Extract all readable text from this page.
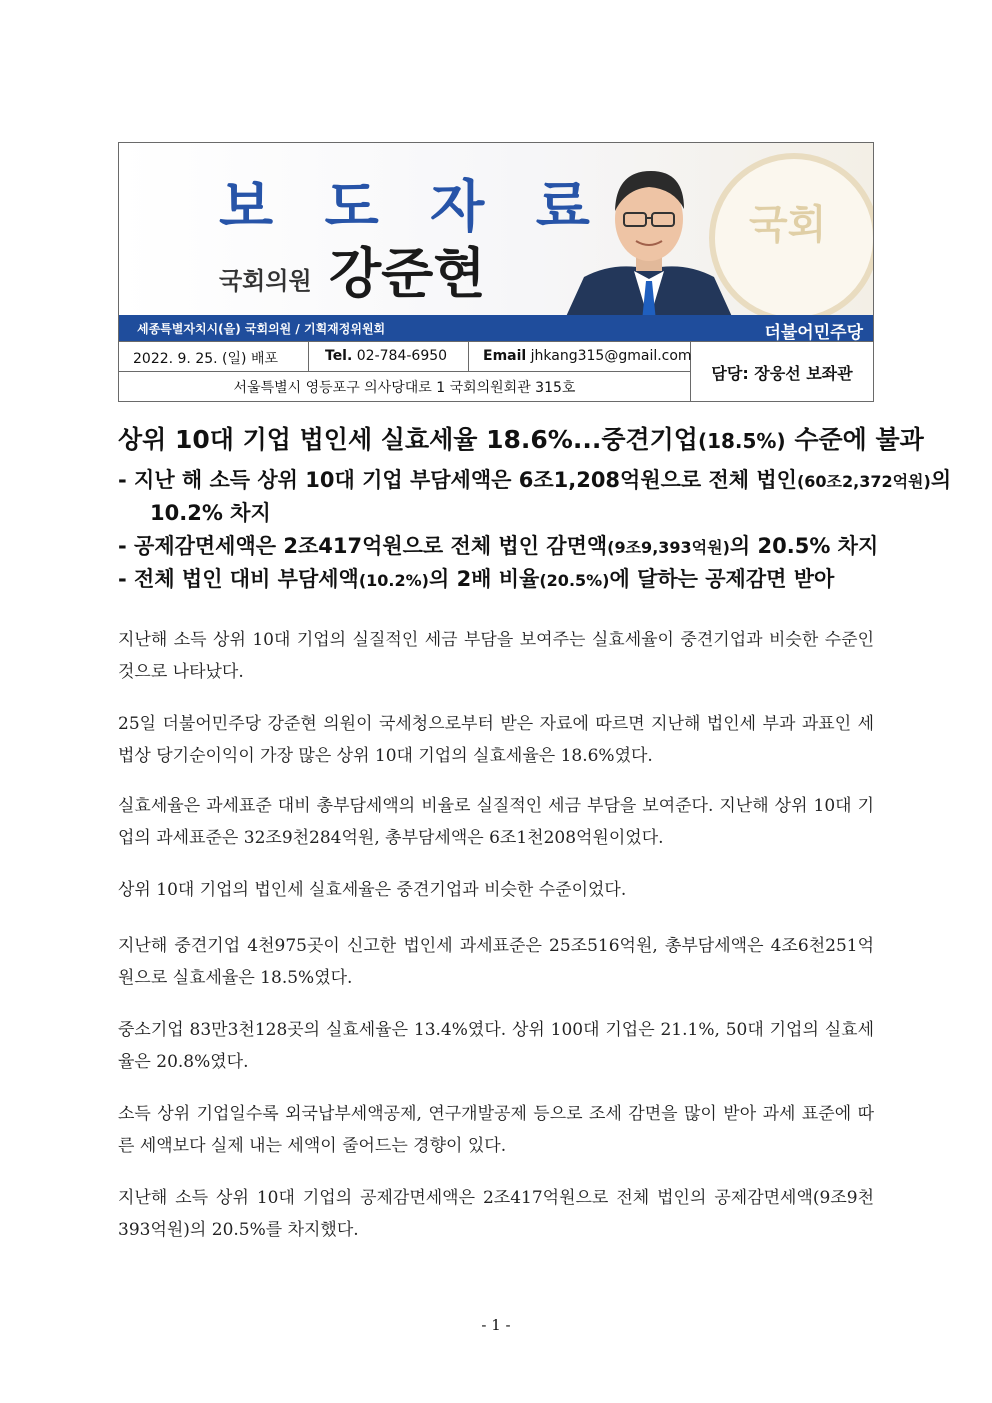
국회
보 도 자 료
국회의원 강준현
세종특별자치시(을) 국회의원 / 기획재정위원회	더불어민주당
2022. 9. 25. (일) 배포	Tel. 02-784-6950	Email jhkang315@gmail.com
서울특별시 영등포구 의사당대로 1 국회의원회관 315호
담당: 장웅선 보좌관
상위 10대 기업 법인세 실효세율 18.6%...중견기업(18.5%) 수준에 불과
- 지난 해 소득 상위 10대 기업 부담세액은 6조1,208억원으로 전체 법인(60조2,372억원)의
10.2% 차지
- 공제감면세액은 2조417억원으로 전체 법인 감면액(9조9,393억원)의 20.5% 차지
- 전체 법인 대비 부담세액(10.2%)의 2배 비율(20.5%)에 달하는 공제감면 받아
지난해 소득 상위 10대 기업의 실질적인 세금 부담을 보여주는 실효세율이 중견기업과 비슷한 수준인 것으로 나타났다.
25일 더불어민주당 강준현 의원이 국세청으로부터 받은 자료에 따르면 지난해 법인세 부과 과표인 세법상 당기순이익이 가장 많은 상위 10대 기업의 실효세율은 18.6%였다.
실효세율은 과세표준 대비 총부담세액의 비율로 실질적인 세금 부담을 보여준다. 지난해 상위 10대 기업의 과세표준은 32조9천284억원, 총부담세액은 6조1천208억원이었다.
상위 10대 기업의 법인세 실효세율은 중견기업과 비슷한 수준이었다.
지난해 중견기업 4천975곳이 신고한 법인세 과세표준은 25조516억원, 총부담세액은 4조6천251억원으로 실효세율은 18.5%였다.
중소기업 83만3천128곳의 실효세율은 13.4%였다. 상위 100대 기업은 21.1%, 50대 기업의 실효세율은 20.8%였다.
소득 상위 기업일수록 외국납부세액공제, 연구개발공제 등으로 조세 감면을 많이 받아 과세 표준에 따른 세액보다 실제 내는 세액이 줄어드는 경향이 있다.
지난해 소득 상위 10대 기업의 공제감면세액은 2조417억원으로 전체 법인의 공제감면세액(9조9천393억원)의 20.5%를 차지했다.
- 1 -
